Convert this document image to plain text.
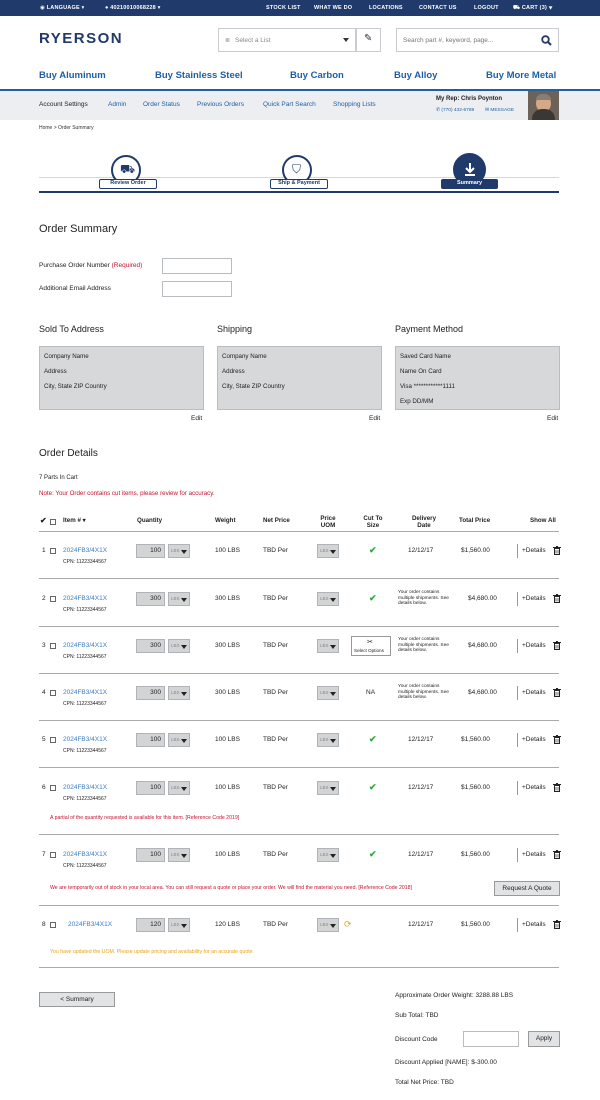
◉ LANGUAGE ▾	● 40210010068228 ▾	STOCK LIST WHAT WE DO	LOCATIONS	CONTACT US	LOGOUT	⛟ CART (3) ▾
RYERSON	≣ Select a List	✎	Search part #, keyword, page...
Buy Aluminum	Buy Stainless Steel	Buy Carbon	Buy Alloy	Buy More Metal
Account Settings	Admin	Order Status	Previous Orders	Quick Part Search	Shopping Lists
My Rep: Chris Poynton
✆ (770) 432-6789 ✉ MESSAGE
Home > Order Summary
⛟
Review Order
⛉
Ship & Payment	Summary
Order Summary
Purchase Order Number (Required)
Additional Email Address
Sold To Address
Company Name
Address
City, State ZIP Country
Edit
Shipping
Company Name
Address
City, State ZIP Country
Edit
Payment Method
Saved Card Name
Name On Card
Visa ************1111
Exp DD/MM
Edit
Order Details
7 Parts In Cart
Note: Your Order contains cut items, please review for accuracy.
✔	Item # ▾	Quantity	Weight	Net Price	Price UOM
Cut To Size
Delivery Date
Total Price	Show All
1	2024FB3/4X1X
CPN: 11223344567
100	LBS	100 LBS	TBD Per	LBS	✔	12/12/17	$1,560.00	+Details
2	2024FB3/4X1X
CPN: 11223344567
300	LBS	300 LBS	TBD Per	LBS	✔
Your order contains multiple shipments. See details below.
$4,680.00	+Details
3	2024FB3/4X1X
CPN: 11223344567
300	LBS	300 LBS	TBD Per	LBS	✂
Select Options
Your order contains multiple shipments. See details below.
$4,680.00	+Details
4	2024FB3/4X1X
CPN: 11223344567
300	LBS	300 LBS	TBD Per	LBS	NA
Your order contains multiple shipments. See details below.
$4,680.00	+Details
5	2024FB3/4X1X
CPN: 11223344567
100	LBS	100 LBS	TBD Per	LBS	✔	12/12/17	$1,560.00	+Details
6	2024FB3/4X1X
CPN: 11223344567
100	LBS	100 LBS	TBD Per	LBS	✔	12/12/17	$1,560.00	+Details
A partial of the quantity requested is available for this item. [Reference Code 2019]
7	2024FB3/4X1X
CPN: 11223344567
100	LBS	100 LBS	TBD Per	LBS	✔	12/12/17	$1,560.00	+Details
We are temporarily out of stock in your local area. You can still request a quote or place your order. We will find the material you need. [Reference Code 2018]	Request A Quote
8	2024FB3/4X1X	120	LBS	120 LBS	TBD Per	LBS	⟳	12/12/17	$1,560.00	+Details
You have updated the UOM. Please update pricing and availability for an accurate quote.
< Summary
Approximate Order Weight: 3288.88 LBS
Sub Total: TBD
Discount Code	Apply
Discount Applied [NAME]: $-300.00
Total Net Price: TBD
